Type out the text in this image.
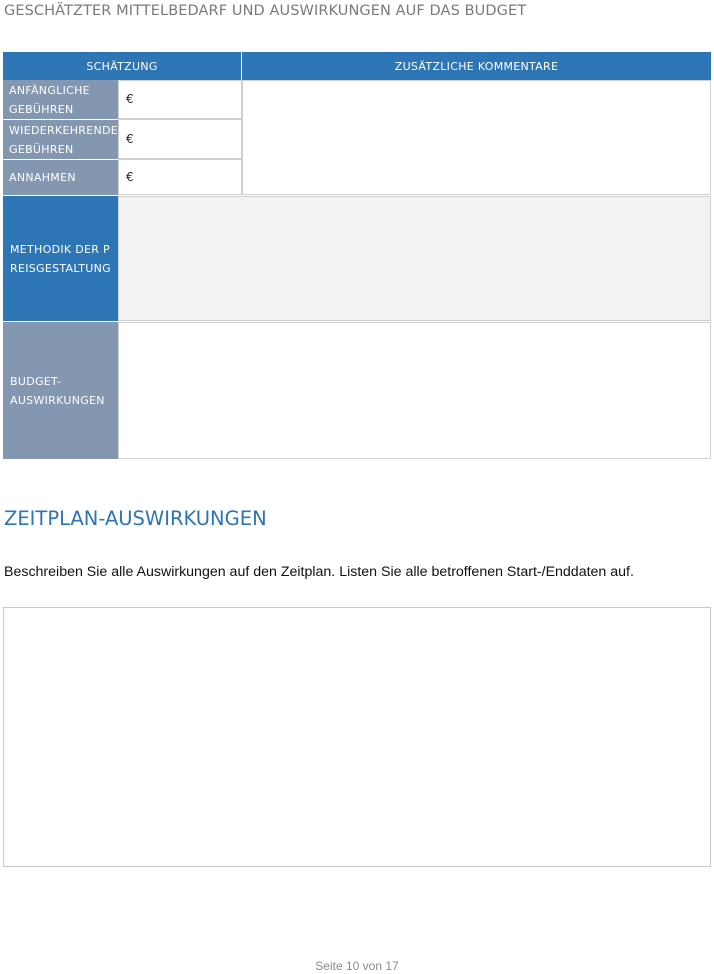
GESCHÄTZTER MITTELBEDARF UND AUSWIRKUNGEN AUF DAS BUDGET
SCHÄTZUNG	ZUSÄTZLICHE KOMMENTARE
ANFÄNGLICHE GEBÜHREN
€
WIEDERKEHRENDE GEBÜHREN
€
ANNAHMEN	€
METHODIK DER PREISGESTALTUNG
BUDGET-AUSWIRKUNGEN
ZEITPLAN-AUSWIRKUNGEN
Beschreiben Sie alle Auswirkungen auf den Zeitplan. Listen Sie alle betroffenen Start-/Enddaten auf.
Seite 10 von 17
